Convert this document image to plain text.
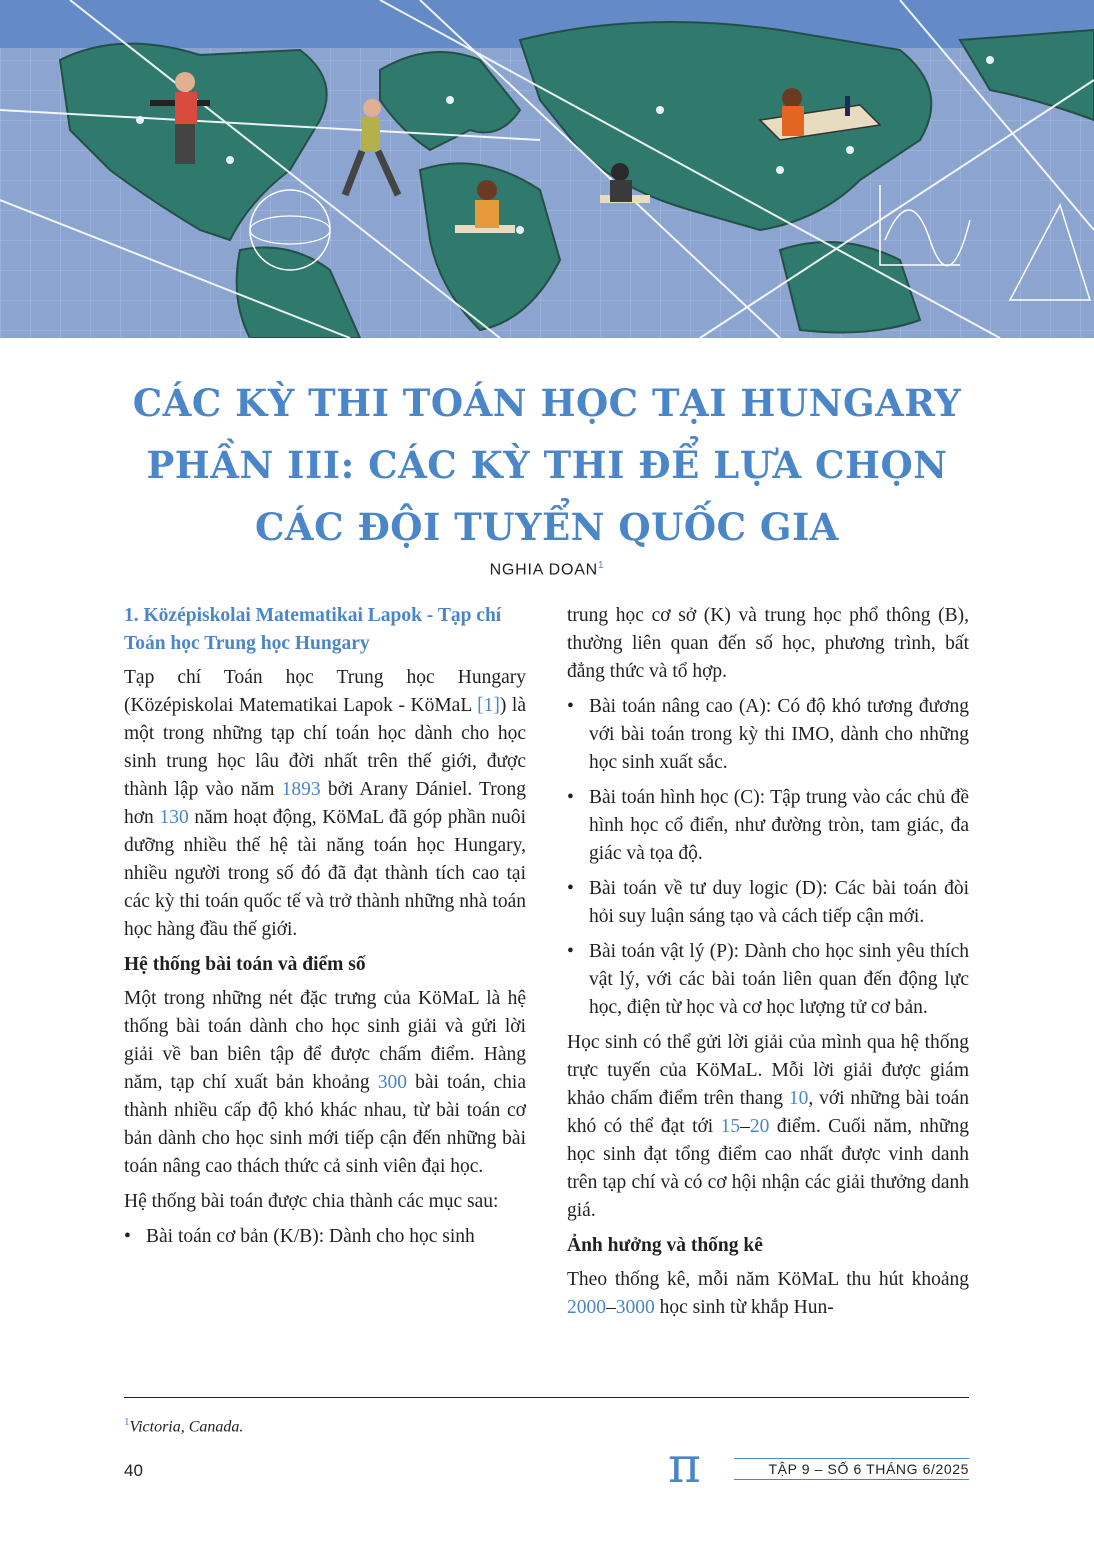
CÁC KỲ THI TOÁN HỌC TẠI HUNGARY
PHẦN III: CÁC KỲ THI ĐỂ LỰA CHỌN
CÁC ĐỘI TUYỂN QUỐC GIA
NGHIA DOAN$^1$
1. Középiskolai Matematikai Lapok - Tạp chí Toán học Trung học Hungary

Tạp chí Toán học Trung học Hungary (Középiskolai Matematikai Lapok - KöMaL [1]) là một trong những tạp chí toán học dành cho học sinh trung học lâu đời nhất trên thế giới, được thành lập vào năm 1893 bởi Arany Dániel. Trong hơn 130 năm hoạt động, KöMaL đã góp phần nuôi dưỡng nhiều thế hệ tài năng toán học Hungary, nhiều người trong số đó đã đạt thành tích cao tại các kỳ thi toán quốc tế và trở thành những nhà toán học hàng đầu thế giới.

Hệ thống bài toán và điểm số

Một trong những nét đặc trưng của KöMaL là hệ thống bài toán dành cho học sinh giải và gửi lời giải về ban biên tập để được chấm điểm. Hàng năm, tạp chí xuất bản khoảng 300 bài toán, chia thành nhiều cấp độ khó khác nhau, từ bài toán cơ bản dành cho học sinh mới tiếp cận đến những bài toán nâng cao thách thức cả sinh viên đại học.

Hệ thống bài toán được chia thành các mục sau:

• Bài toán cơ bản (K/B): Dành cho học sinh

trung học cơ sở (K) và trung học phổ thông (B), thường liên quan đến số học, phương trình, bất đẳng thức và tổ hợp.

• Bài toán nâng cao (A): Có độ khó tương đương với bài toán trong kỳ thi IMO, dành cho những học sinh xuất sắc.

• Bài toán hình học (C): Tập trung vào các chủ đề hình học cổ điển, như đường tròn, tam giác, đa giác và tọa độ.

• Bài toán về tư duy logic (D): Các bài toán đòi hỏi suy luận sáng tạo và cách tiếp cận mới.

• Bài toán vật lý (P): Dành cho học sinh yêu thích vật lý, với các bài toán liên quan đến động lực học, điện từ học và cơ học lượng tử cơ bản.

Học sinh có thể gửi lời giải của mình qua hệ thống trực tuyến của KöMaL. Mỗi lời giải được giám khảo chấm điểm trên thang 10, với những bài toán khó có thể đạt tới 15–20 điểm. Cuối năm, những học sinh đạt tổng điểm cao nhất được vinh danh trên tạp chí và có cơ hội nhận các giải thưởng danh giá.

Ảnh hưởng và thống kê

Theo thống kê, mỗi năm KöMaL thu hút khoảng 2000–3000 học sinh từ khắp Hun-

$^1$Victoria, Canada.
40	π	TẬP 9 – SỐ 6 THÁNG 6/2025
